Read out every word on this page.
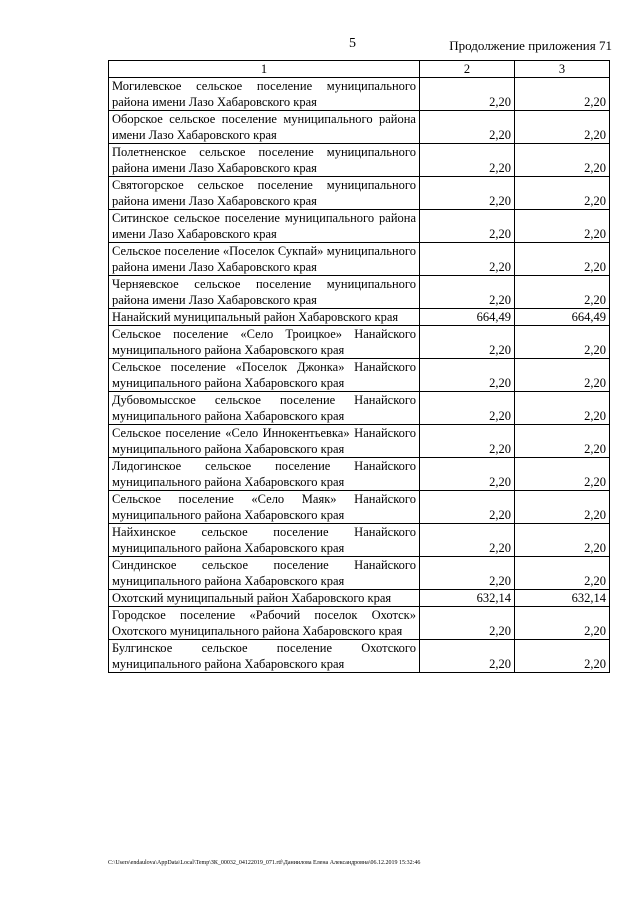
5	Продолжение приложения 71
1	2	3
Могилевское сельское поселение муниципального района имени Лазо Хабаровского края	2,20	2,20
Оборское сельское поселение муниципального района имени Лазо Хабаровского края	2,20	2,20
Полетненское сельское поселение муниципального района имени Лазо Хабаровского края	2,20	2,20
Святогорское сельское поселение муниципального района имени Лазо Хабаровского края	2,20	2,20
Ситинское сельское поселение муниципального района имени Лазо Хабаровского края	2,20	2,20
Сельское поселение «Поселок Сукпай» муниципального района имени Лазо Хабаровского края	2,20	2,20
Черняевское сельское поселение муниципального района имени Лазо Хабаровского края	2,20	2,20
Нанайский муниципальный район Хабаровского края	664,49	664,49
Сельское поселение «Село Троицкое» Нанайского муниципального района Хабаровского края	2,20	2,20
Сельское поселение «Поселок Джонка» Нанайского муниципального района Хабаровского края	2,20	2,20
Дубовомысское сельское поселение Нанайского муниципального района Хабаровского края	2,20	2,20
Сельское поселение «Село Иннокентьевка» Нанайского муниципального района Хабаровского края	2,20	2,20
Лидогинское сельское поселение Нанайского муниципального района Хабаровского края	2,20	2,20
Сельское поселение «Село Маяк» Нанайского муниципального района Хабаровского края	2,20	2,20
Найхинское сельское поселение Нанайского муниципального района Хабаровского края	2,20	2,20
Синдинское сельское поселение Нанайского муниципального района Хабаровского края	2,20	2,20
Охотский муниципальный район Хабаровского края	632,14	632,14
Городское поселение «Рабочий поселок Охотск» Охотского муниципального района Хабаровского края	2,20	2,20
Булгинское сельское поселение Охотского муниципального района Хабаровского края	2,20	2,20
C:\Users\endaulova\AppData\Local\Temp\ЗК_00032_04122019_071.rtf\Даниилова Елена Александровна\06.12.2019 15:32:46
